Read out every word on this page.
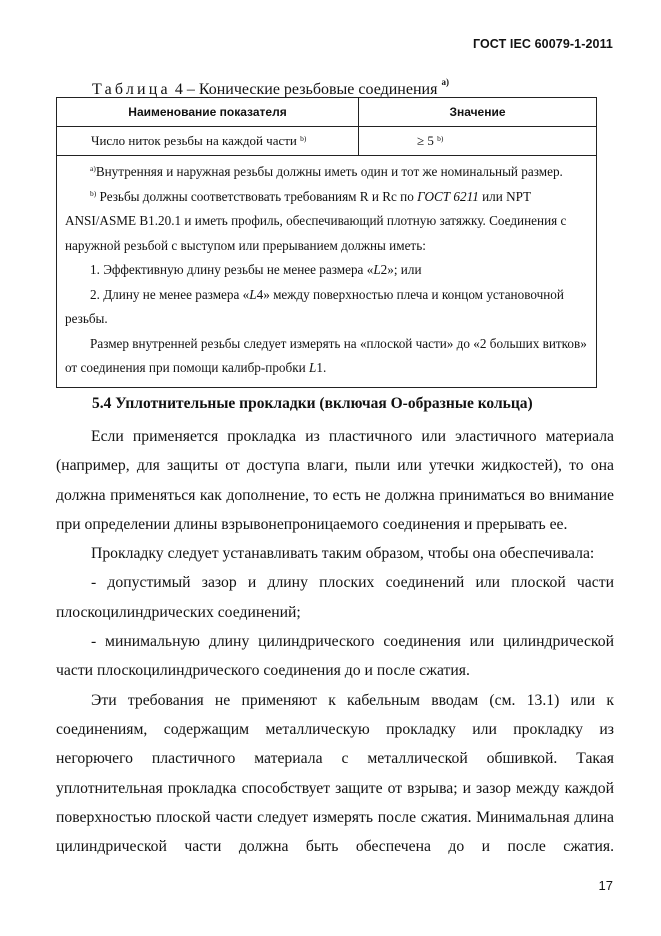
ГОСТ IEC 60079-1-2011
Таблица 4 – Конические резьбовые соединения $^{a)}$
Наименование показателя	Значение
Число ниток резьбы на каждой части
$^{b)}$	≥ 5
$^{b)}$

$^{a)}$Внутренняя и наружная резьбы должны иметь один и тот же номинальный размер.

$^{b)}$ Резьбы должны соответствовать требованиям R и Rc по ГОСТ 6211 или NPT ANSI/ASME B1.20.1 и иметь профиль, обеспечивающий плотную затяжку. Соединения с наружной резьбой с выступом или прерыванием должны иметь:

1. Эффективную длину резьбы не менее размера «L2»; или

2. Длину не менее размера «L4» между поверхностью плеча и концом установочной резьбы.

Размер внутренней резьбы следует измерять на «плоской части» до «2 больших витков» от соединения при помощи калибр-пробки L1.

5.4 Уплотнительные прокладки (включая О-образные кольца)

Если применяется прокладка из пластичного или эластичного материала (например, для защиты от доступа влаги, пыли или утечки жидкостей), то она должна применяться как дополнение, то есть не должна приниматься во внимание при определении длины взрывонепроницаемого соединения и прерывать ее.

Прокладку следует устанавливать таким образом, чтобы она обеспечивала:

- допустимый зазор и длину плоских соединений или плоской части плоскоцилиндрических соединений;

- минимальную длину цилиндрического соединения или цилиндрической части плоскоцилиндрического соединения до и после сжатия.

Эти требования не применяют к кабельным вводам (см. 13.1) или к соединениям, содержащим металлическую прокладку или прокладку из негорючего пластичного материала с металлической обшивкой. Такая уплотнительная прокладка способствует защите от взрыва; и зазор между каждой поверхностью плоской части следует измерять после сжатия. Минимальная длина цилиндрической части должна быть обеспечена до и после сжатия.

17
